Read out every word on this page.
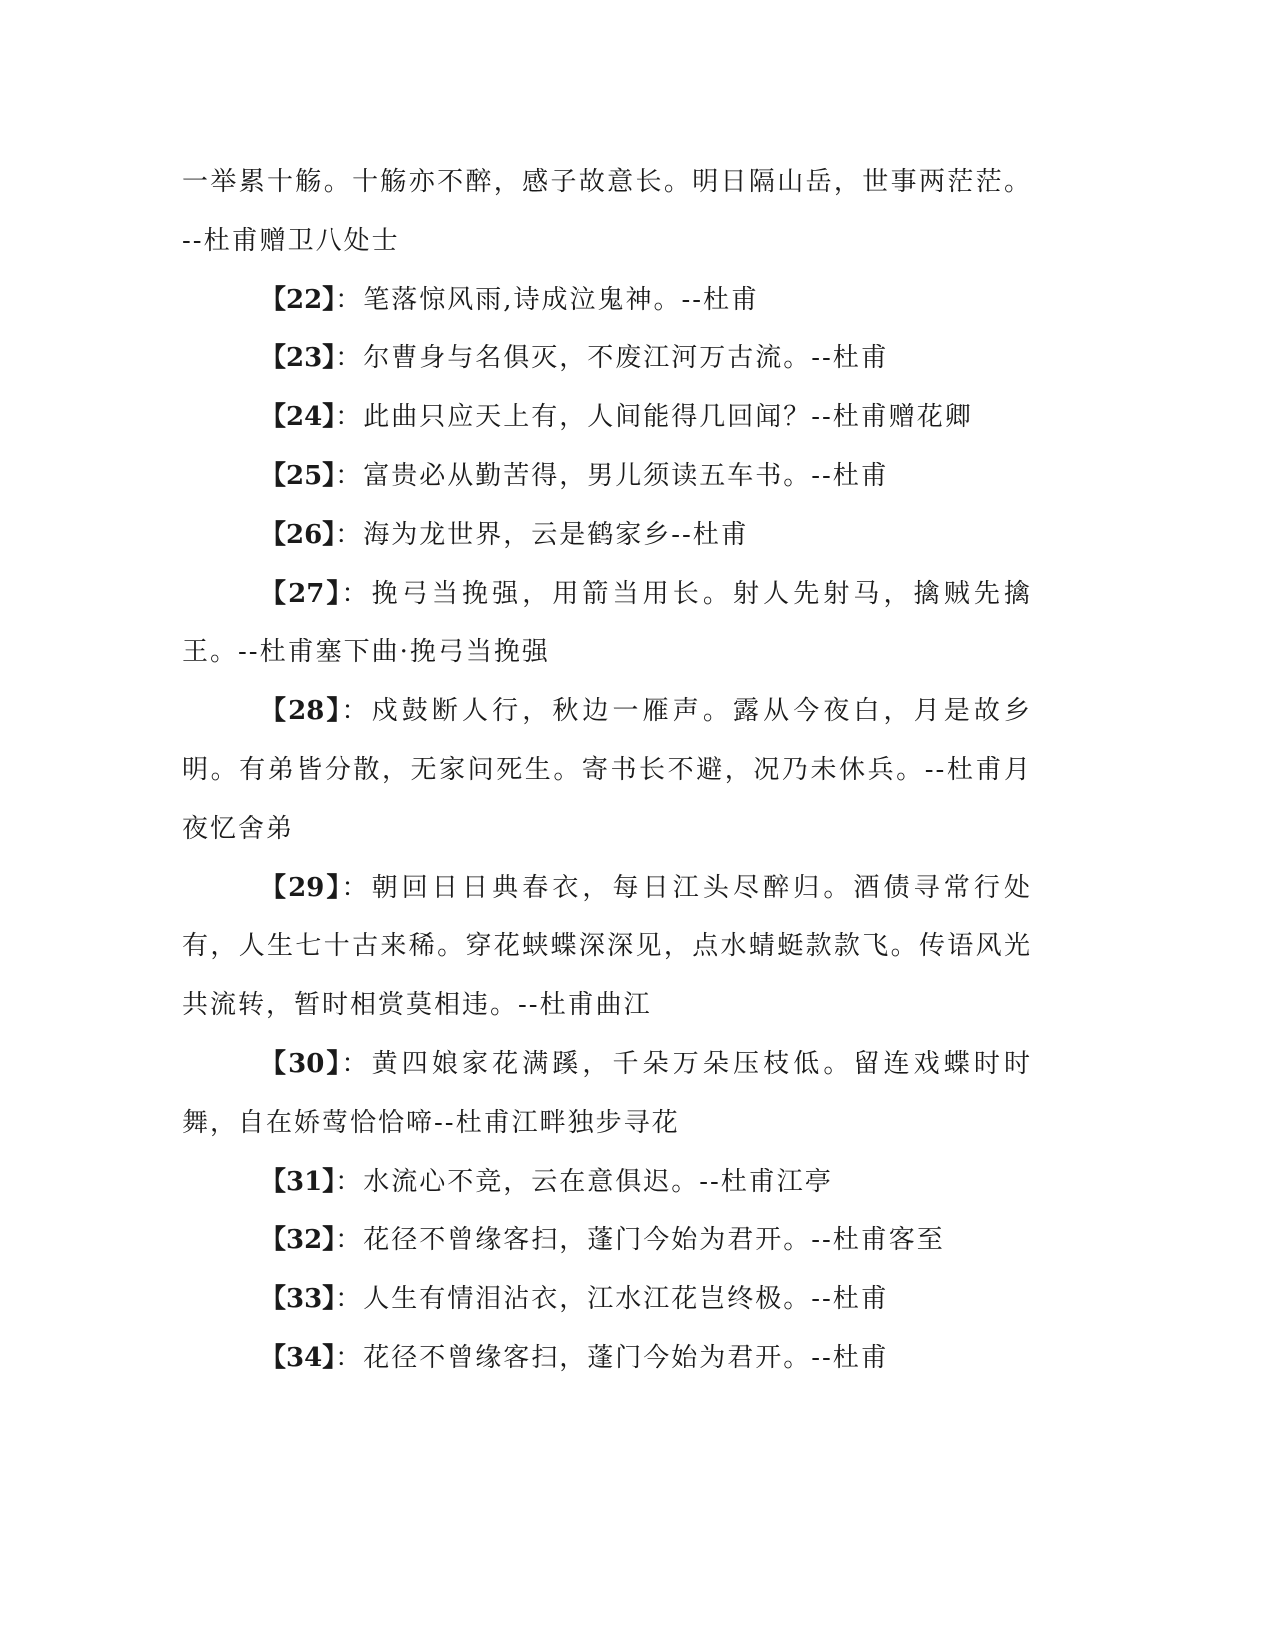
一举累十觞。十觞亦不醉，感子故意长。明日隔山岳，世事两茫茫。--杜甫赠卫八处士

【22】：笔落惊风雨,诗成泣鬼神。--杜甫

【23】：尔曹身与名俱灭，不废江河万古流。--杜甫

【24】：此曲只应天上有，人间能得几回闻？--杜甫赠花卿

【25】：富贵必从勤苦得，男儿须读五车书。--杜甫

【26】：海为龙世界，云是鹤家乡--杜甫

【27】：挽弓当挽强，用箭当用长。射人先射马，擒贼先擒王。--杜甫塞下曲·挽弓当挽强

【28】：戍鼓断人行，秋边一雁声。露从今夜白，月是故乡明。有弟皆分散，无家问死生。寄书长不避，况乃未休兵。--杜甫月夜忆舍弟

【29】：朝回日日典春衣，每日江头尽醉归。酒债寻常行处有，人生七十古来稀。穿花蛱蝶深深见，点水蜻蜓款款飞。传语风光共流转，暂时相赏莫相违。--杜甫曲江

【30】：黄四娘家花满蹊，千朵万朵压枝低。留连戏蝶时时舞，自在娇莺恰恰啼--杜甫江畔独步寻花

【31】：水流心不竞，云在意俱迟。--杜甫江亭

【32】：花径不曾缘客扫，蓬门今始为君开。--杜甫客至

【33】：人生有情泪沾衣，江水江花岂终极。--杜甫

【34】：花径不曾缘客扫，蓬门今始为君开。--杜甫
